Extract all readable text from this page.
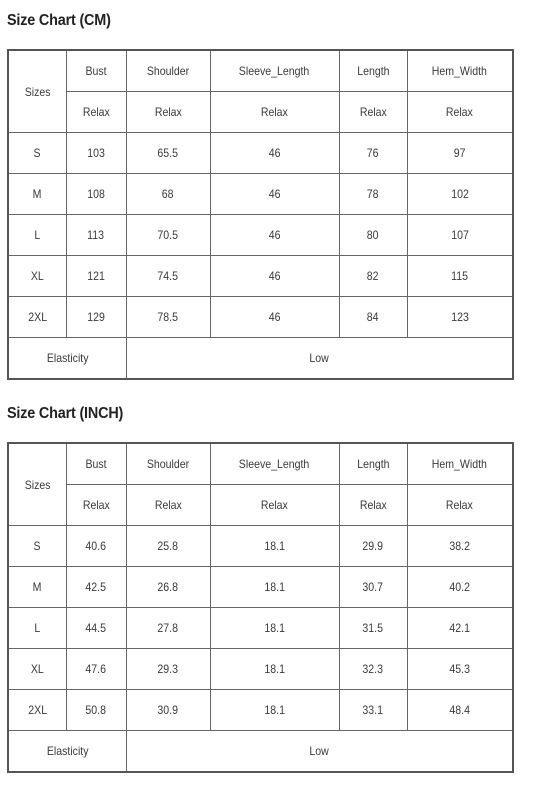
Size Chart (CM)
Sizes	Bust	Shoulder	Sleeve_Length	Length	Hem_Width
	Relax	Relax	Relax	Relax	Relax
S	103	65.5	46	76	97
M	108	68	46	78	102
L	113	70.5	46	80	107
XL	121	74.5	46	82	115
2XL	129	78.5	46	84	123
Elasticity		Low			
Size Chart (INCH)
Sizes	Bust	Shoulder	Sleeve_Length	Length	Hem_Width
	Relax	Relax	Relax	Relax	Relax
S	40.6	25.8	18.1	29.9	38.2
M	42.5	26.8	18.1	30.7	40.2
L	44.5	27.8	18.1	31.5	42.1
XL	47.6	29.3	18.1	32.3	45.3
2XL	50.8	30.9	18.1	33.1	48.4
Elasticity		Low			
